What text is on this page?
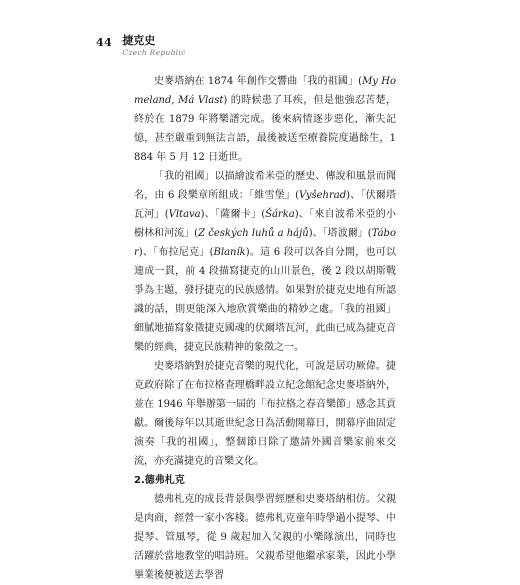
44 捷克史
Czech Republic

史麥塔納在 1874 年創作交響曲「我的祖國」(My Homeland, Má Vlast) 的時候患了耳疾，但是他強忍苦楚，終於在 1879 年將樂譜完成。後來病情逐步惡化，漸失記憶，甚至嚴重到無法言語，最後被送至療養院度過餘生，1884 年 5 月 12 日逝世。

「我的祖國」以描繪波希米亞的歷史、傳說和風景而聞名，由 6 段樂章所組成：「維雪堡」(Vyšehrad)、「伏爾塔瓦河」(Vltava)、「薩爾卡」(Šárka)、「來自波希米亞的小樹林和河流」(Z českých luhů a hájů)、「塔波爾」(Tábor)、「布拉尼克」(Blaník)。這 6 段可以各自分開，也可以連成一貫，前 4 段描寫捷克的山川景色，後 2 段以胡斯戰爭為主題，發抒捷克的民族感情。如果對於捷克史地有所認識的話，則更能深入地欣賞樂曲的精妙之處。「我的祖國」細膩地描寫象徵捷克國魂的伏爾塔瓦河，此曲已成為捷克音樂的經典，捷克民族精神的象徵之一。

史麥塔納對於捷克音樂的現代化，可說是居功厥偉。捷克政府除了在布拉格查理橋畔設立紀念館紀念史麥塔納外，並在 1946 年舉辦第一屆的「布拉格之春音樂節」感念其貢獻。爾後每年以其逝世紀念日為活動開幕日，開幕序曲固定演奏「我的祖國」，整個節日除了邀請外國音樂家前來交流，亦充滿捷克的音樂文化。

2.德弗札克

德弗札克的成長背景與學習經歷和史麥塔納相仿。父親是肉商，經營一家小客棧。德弗札克童年時學過小提琴、中提琴、管風琴，從 9 歲起加入父親的小樂隊演出，同時也活躍於當地教堂的唱詩班。父親希望他繼承家業，因此小學畢業後便被送去學習
